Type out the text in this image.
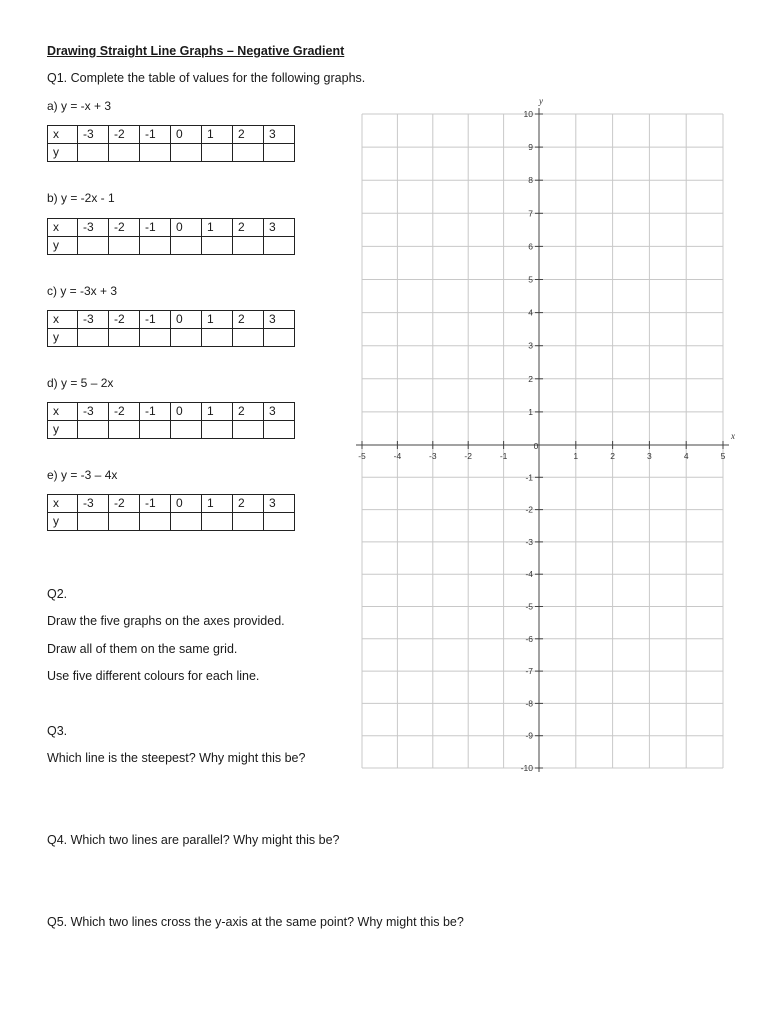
Drawing Straight Line Graphs – Negative Gradient
Q1. Complete the table of values for the following graphs.
a) y = -x + 3
x	-3	-2	-1	0	1	2	3
y							
b) y = -2x - 1
x	-3	-2	-1	0	1	2	3
y							
c) y = -3x + 3
x	-3	-2	-1	0	1	2	3
y							
d) y = 5 – 2x
x	-3	-2	-1	0	1	2	3
y							
e) y = -3 – 4x
x	-3	-2	-1	0	1	2	3
y							
Q2.
Draw the five graphs on the axes provided.
Draw all of them on the same grid.
Use five different colours for each line.
Q3.
Which line is the steepest? Why might this be?
Q4. Which two lines are parallel? Why might this be?
Q5. Which two lines cross the y-axis at the same point? Why might this be?
-5	-4	-3	-2	-1	1	2	3	4	5
10
9
8
7
6
5
4
3
2
1
-1
-2
-3
-4
-5
-6
-7
-8
-9
-10
0
x
y
